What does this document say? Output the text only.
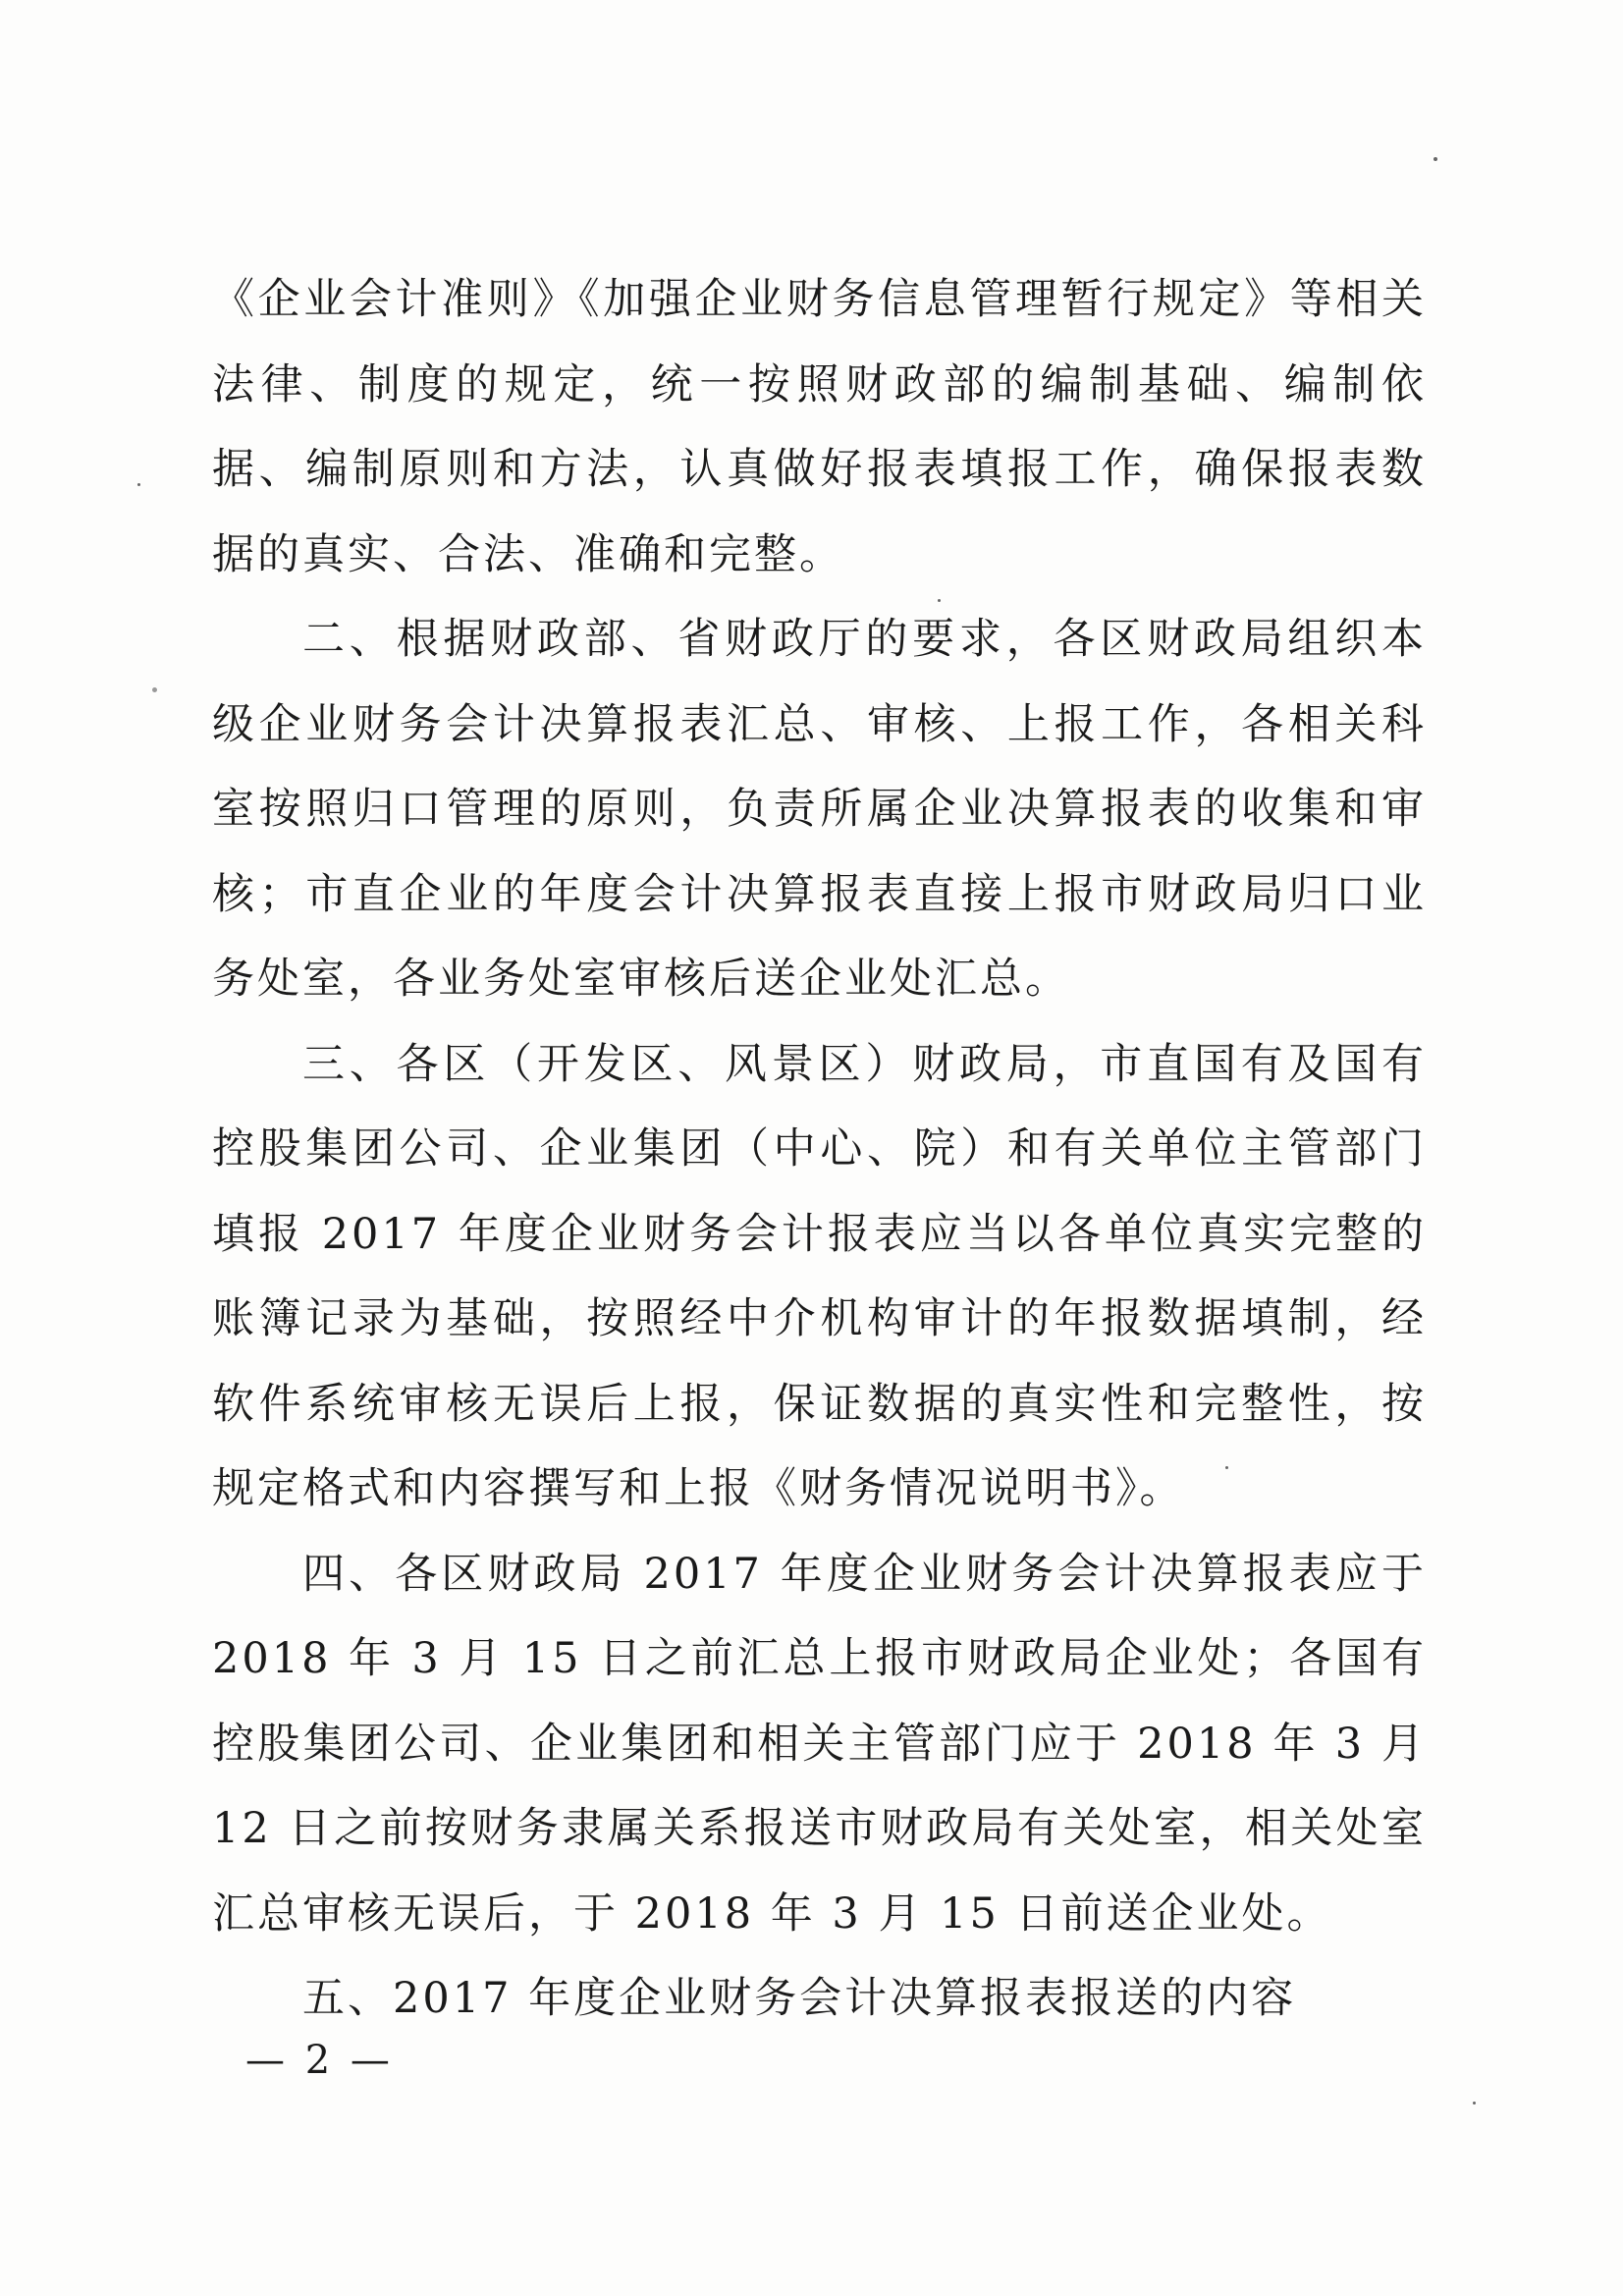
《企业会计准则》《加强企业财务信息管理暂行规定》等相关法律、制度的规定，统一按照财政部的编制基础、编制依据、编制原则和方法，认真做好报表填报工作，确保报表数据的真实、合法、准确和完整。

二、根据财政部、省财政厅的要求，各区财政局组织本级企业财务会计决算报表汇总、审核、上报工作，各相关科室按照归口管理的原则，负责所属企业决算报表的收集和审核；市直企业的年度会计决算报表直接上报市财政局归口业务处室，各业务处室审核后送企业处汇总。

三、各区（开发区、风景区）财政局，市直国有及国有控股集团公司、企业集团（中心、院）和有关单位主管部门填报 2017 年度企业财务会计报表应当以各单位真实完整的账簿记录为基础，按照经中介机构审计的年报数据填制，经软件系统审核无误后上报，保证数据的真实性和完整性，按规定格式和内容撰写和上报《财务情况说明书》。

四、各区财政局 2017 年度企业财务会计决算报表应于 2018 年 3 月 15 日之前汇总上报市财政局企业处；各国有控股集团公司、企业集团和相关主管部门应于 2018 年 3 月 12 日之前按财务隶属关系报送市财政局有关处室，相关处室汇总审核无误后，于 2018 年 3 月 15 日前送企业处。

五、2017 年度企业财务会计决算报表报送的内容

— 2 —
